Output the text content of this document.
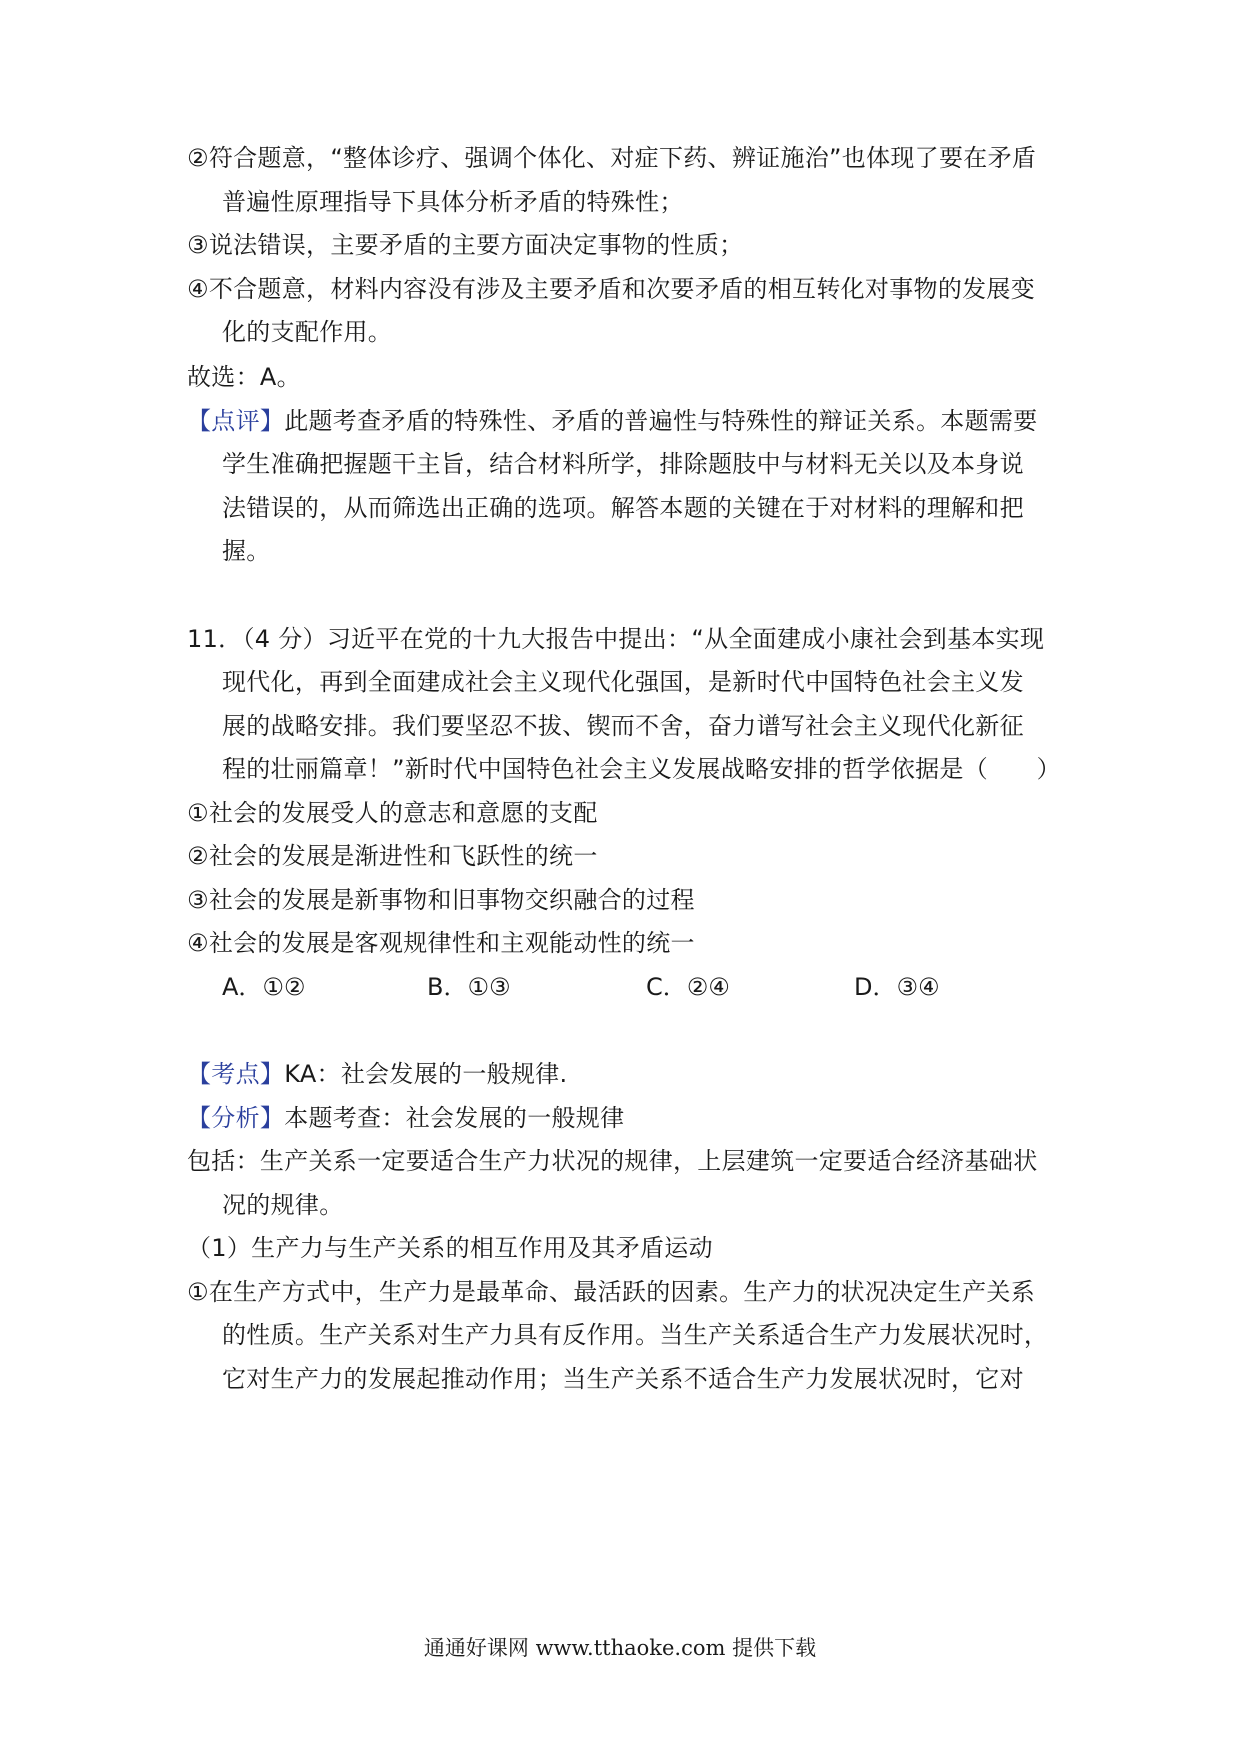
②符合题意，“整体诊疗、强调个体化、对症下药、辨证施治”也体现了要在矛盾
普遍性原理指导下具体分析矛盾的特殊性；
③说法错误，主要矛盾的主要方面决定事物的性质；
④不合题意，材料内容没有涉及主要矛盾和次要矛盾的相互转化对事物的发展变
化的支配作用。
故选：A。
【点评】此题考查矛盾的特殊性、矛盾的普遍性与特殊性的辩证关系。本题需要
学生准确把握题干主旨，结合材料所学，排除题肢中与材料无关以及本身说
法错误的，从而筛选出正确的选项。解答本题的关键在于对材料的理解和把
握。
11．（4 分）习近平在党的十九大报告中提出：“从全面建成小康社会到基本实现
现代化，再到全面建成社会主义现代化强国，是新时代中国特色社会主义发
展的战略安排。我们要坚忍不拔、锲而不舍，奋力谱写社会主义现代化新征
程的壮丽篇章！”新时代中国特色社会主义发展战略安排的哲学依据是（　　）
①社会的发展受人的意志和意愿的支配
②社会的发展是渐进性和飞跃性的统一
③社会的发展是新事物和旧事物交织融合的过程
④社会的发展是客观规律性和主观能动性的统一
A．①②	B．①③	C．②④	D．③④
【考点】KA：社会发展的一般规律.
【分析】本题考查：社会发展的一般规律
包括：生产关系一定要适合生产力状况的规律，上层建筑一定要适合经济基础状
况的规律。
（1）生产力与生产关系的相互作用及其矛盾运动
①在生产方式中，生产力是最革命、最活跃的因素。生产力的状况决定生产关系
的性质。生产关系对生产力具有反作用。当生产关系适合生产力发展状况时，
它对生产力的发展起推动作用；当生产关系不适合生产力发展状况时，它对
通通好课网 www.tthaoke.com 提供下载
